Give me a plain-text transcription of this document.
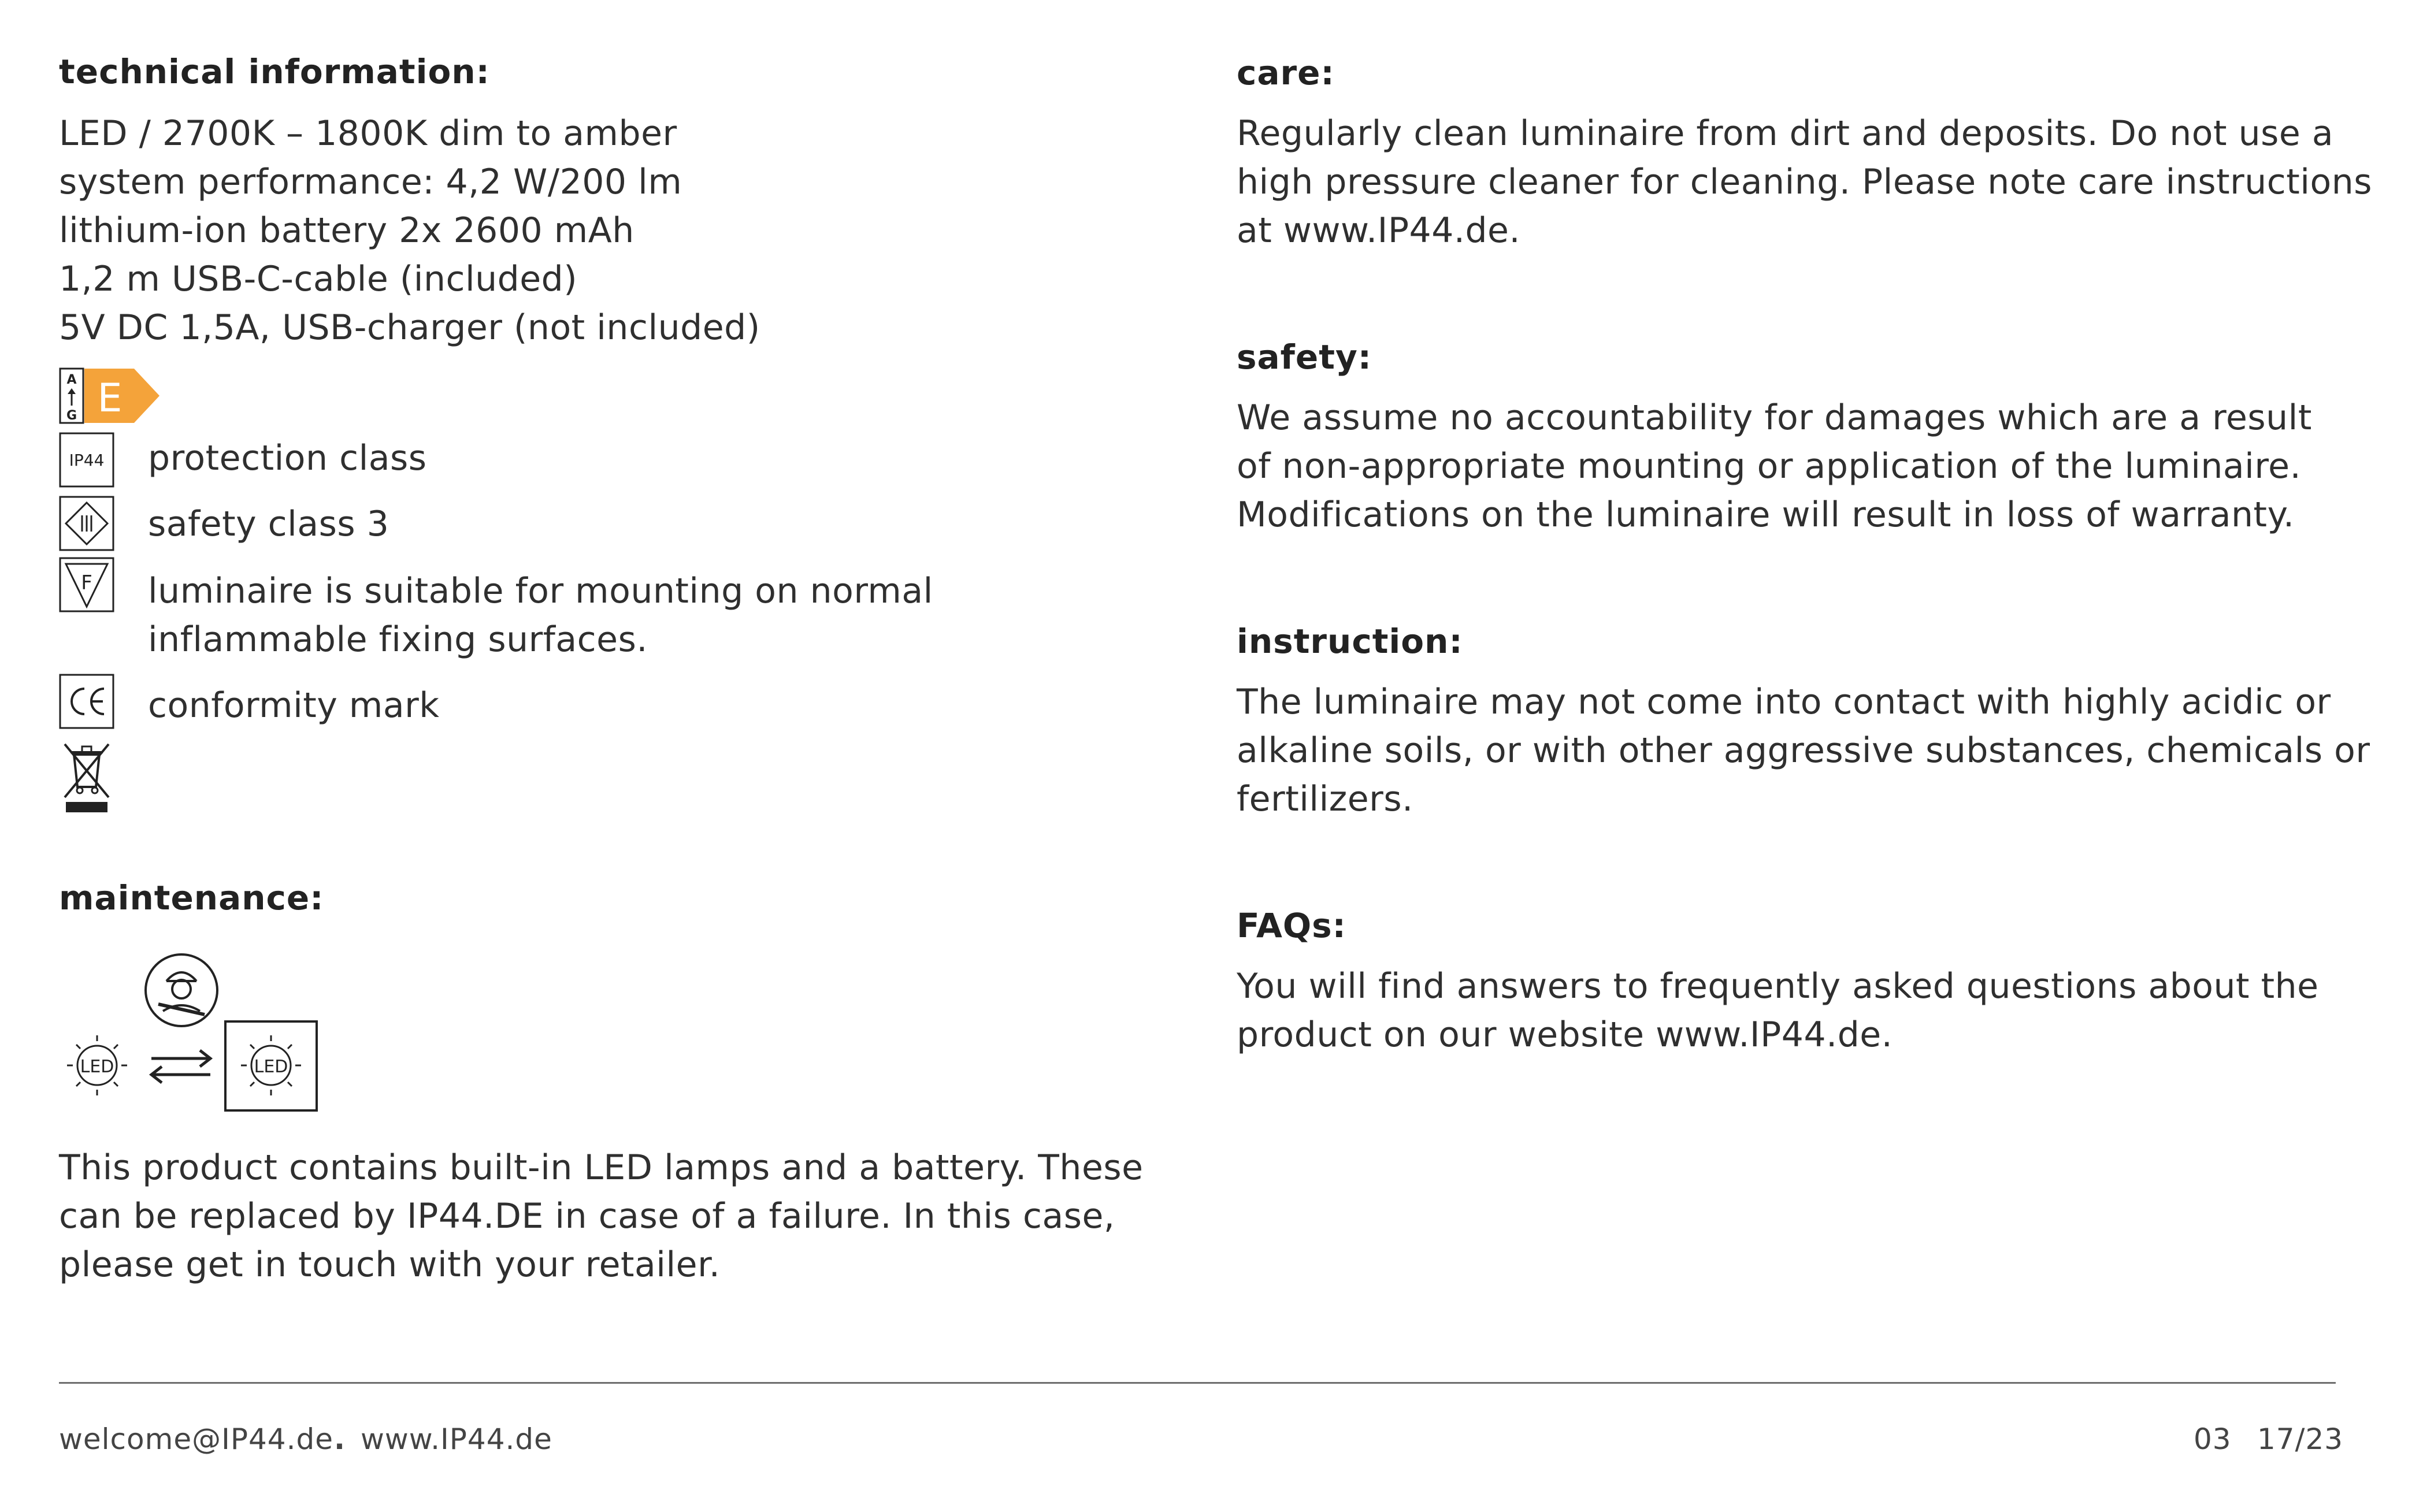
technical information:
LED / 2700K – 1800K dim to amber
system performance: 4,2 W/200 lm
lithium-ion battery 2x 2600 mAh
1,2 m USB-C-cable (included)
5V DC 1,5A, USB-charger (not included)
A
G E
IP44 protection class
safety class 3
F luminaire is suitable for mounting on normal
inflammable fixing surfaces.
conformity mark
maintenance:
LED	LED
This product contains built-in LED lamps and a battery. These
can be replaced by IP44.DE in case of a failure. In this case,
please get in touch with your retailer.
care:
Regularly clean luminaire from dirt and deposits. Do not use a
high pressure cleaner for cleaning. Please note care instructions
at www.IP44.de.
safety:
We assume no accountability for damages which are a result
of non-appropriate mounting or application of the luminaire.
Modifications on the luminaire will result in loss of warranty.
instruction:
The luminaire may not come into contact with highly acidic or
alkaline soils, or with other aggressive substances, chemicals or
fertilizers.
FAQs:
You will find answers to frequently asked questions about the
product on our website www.IP44.de.
welcome@IP44.de . www.IP44.de	03 17/23
